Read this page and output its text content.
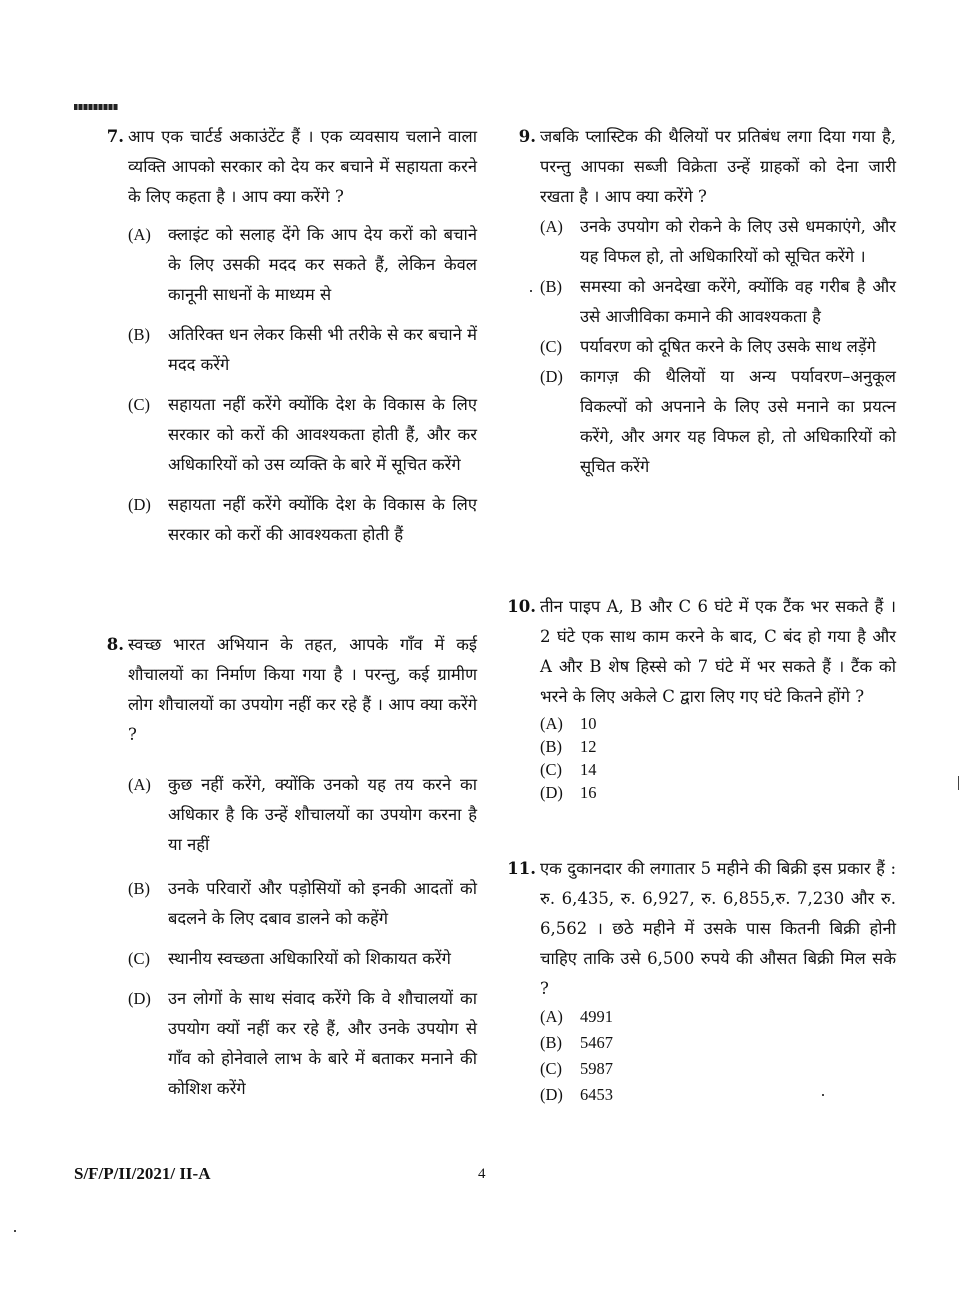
7. आप एक चार्टर्ड अकाउंटेंट हैं । एक व्यवसाय चलाने वाला व्यक्ति आपको सरकार को देय कर बचाने में सहायता करने के लिए कहता है । आप क्या करेंगे ?
(A) क्लाइंट को सलाह देंगे कि आप देय करों को बचाने के लिए उसकी मदद कर सकते हैं, लेकिन केवल कानूनी साधनों के माध्यम से
(B) अतिरिक्त धन लेकर किसी भी तरीके से कर बचाने में मदद करेंगे
(C) सहायता नहीं करेंगे क्योंकि देश के विकास के लिए सरकार को करों की आवश्यकता होती हैं, और कर अधिकारियों को उस व्यक्ति के बारे में सूचित करेंगे
(D) सहायता नहीं करेंगे क्योंकि देश के विकास के लिए सरकार को करों की आवश्यकता होती हैं
8. स्वच्छ भारत अभियान के तहत, आपके गाँव में कई शौचालयों का निर्माण किया गया है । परन्तु, कई ग्रामीण लोग शौचालयों का उपयोग नहीं कर रहे हैं । आप क्या करेंगे ?
(A) कुछ नहीं करेंगे, क्योंकि उनको यह तय करने का अधिकार है कि उन्हें शौचालयों का उपयोग करना है या नहीं
(B) उनके परिवारों और पड़ोसियों को इनकी आदतों को बदलने के लिए दबाव डालने को कहेंगे
(C) स्थानीय स्वच्छता अधिकारियों को शिकायत करेंगे
(D) उन लोगों के साथ संवाद करेंगे कि वे शौचालयों का उपयोग क्यों नहीं कर रहे हैं, और उनके उपयोग से गाँव को होनेवाले लाभ के बारे में बताकर मनाने की कोशिश करेंगे
9. जबकि प्लास्टिक की थैलियों पर प्रतिबंध लगा दिया गया है, परन्तु आपका सब्जी विक्रेता उन्हें ग्राहकों को देना जारी रखता है । आप क्या करेंगे ?
(A) उनके उपयोग को रोकने के लिए उसे धमकाएंगे, और यह विफल हो, तो अधिकारियों को सूचित करेंगे ।
(B) समस्या को अनदेखा करेंगे, क्योंकि वह गरीब है और उसे आजीविका कमाने की आवश्यकता है
(C) पर्यावरण को दूषित करने के लिए उसके साथ लड़ेंगे
(D) कागज़ की थैलियों या अन्य पर्यावरण–अनुकूल विकल्पों को अपनाने के लिए उसे मनाने का प्रयत्न करेंगे, और अगर यह विफल हो, तो अधिकारियों को सूचित करेंगे
10. तीन पाइप A, B और C 6 घंटे में एक टैंक भर सकते हैं । 2 घंटे एक साथ काम करने के बाद, C बंद हो गया है और A और B शेष हिस्से को 7 घंटे में भर सकते हैं । टैंक को भरने के लिए अकेले C द्वारा लिए गए घंटे कितने होंगे ?
(A) 10
(B) 12
(C) 14
(D) 16
11. एक दुकानदार की लगातार 5 महीने की बिक्री इस प्रकार हैं : रु. 6,435, रु. 6,927, रु. 6,855,रु. 7,230 और रु. 6,562 । छठे महीने में उसके पास कितनी बिक्री होनी चाहिए ताकि उसे 6,500 रुपये की औसत बिक्री मिल सके ?
(A) 4991
(B) 5467
(C) 5987
(D) 6453
S/F/P/II/2021/ II-A	4
